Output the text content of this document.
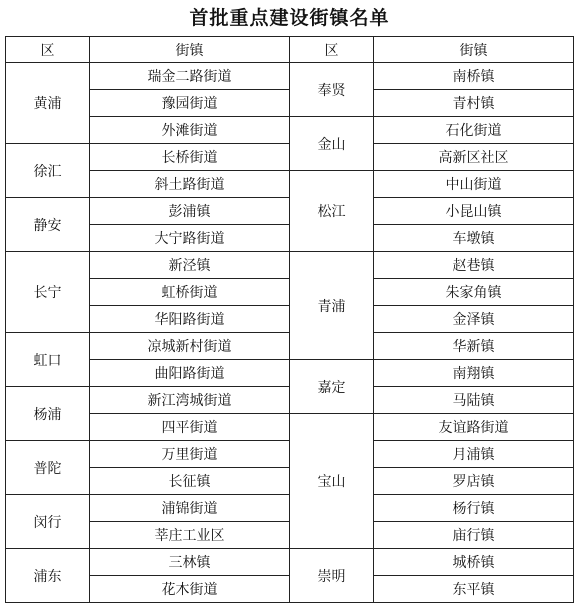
首批重点建设街镇名单
区	街镇	区	街镇
黄浦	瑞金二路街道	奉贤	南桥镇
	豫园街道		青村镇
	外滩街道	金山	石化街道
徐汇	长桥街道		高新区社区
	斜土路街道	松江	中山街道
静安	彭浦镇		小昆山镇
	大宁路街道		车墩镇
长宁	新泾镇	青浦	赵巷镇
	虹桥街道		朱家角镇
	华阳路街道		金泽镇
虹口	凉城新村街道		华新镇
	曲阳路街道	嘉定	南翔镇
杨浦	新江湾城街道		马陆镇
	四平街道	宝山	友谊路街道
普陀	万里街道		月浦镇
	长征镇		罗店镇
闵行	浦锦街道		杨行镇
	莘庄工业区		庙行镇
浦东	三林镇	崇明	城桥镇
	花木街道		东平镇
